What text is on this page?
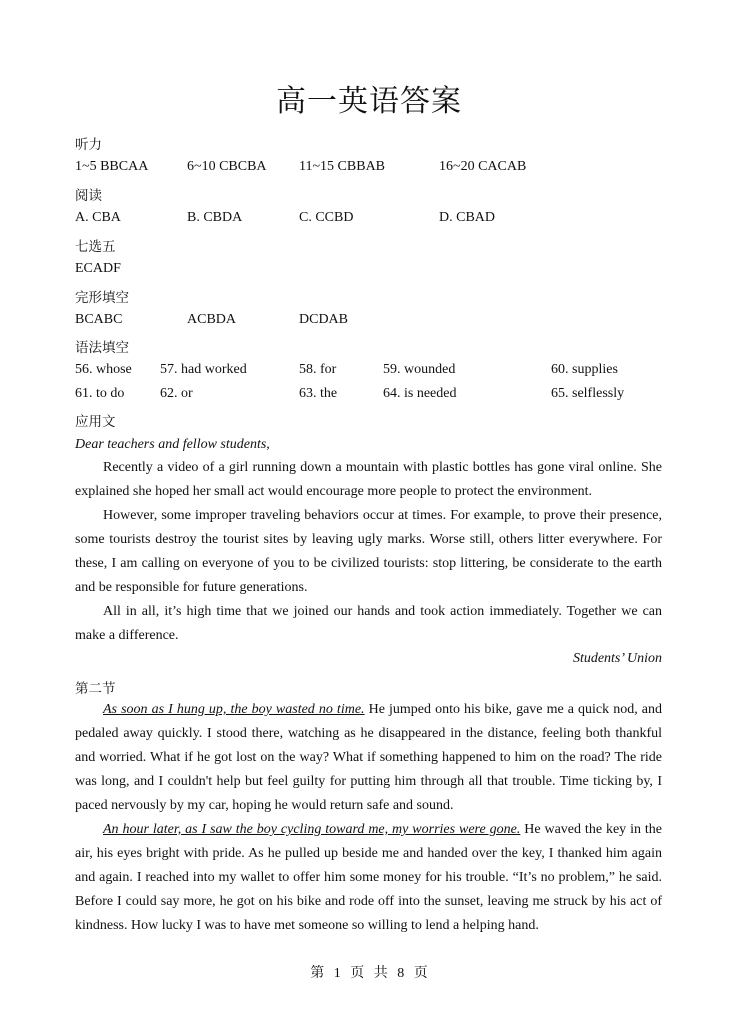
高一英语答案
听力
1~5 BBCAA	6~10 CBCBA 11~15 CBBAB	16~20 CACAB
阅读
A. CBA	B. CBDA	C. CCBD	D. CBAD
七选五
ECADF
完形填空
BCABC	ACBDA	DCDAB
语法填空
56. whose 57. had worked	58. for	59. wounded	60. supplies
61. to do	62. or	63. the	64. is needed	65. selflessly
应用文
Dear teachers and fellow students,
Recently a video of a girl running down a mountain with plastic bottles has gone viral online. She explained she hoped her small act would encourage more people to protect the environment.
However, some improper traveling behaviors occur at times. For example, to prove their presence, some tourists destroy the tourist sites by leaving ugly marks. Worse still, others litter everywhere. For these, I am calling on everyone of you to be civilized tourists: stop littering, be considerate to the earth and be responsible for future generations.
All in all, it’s high time that we joined our hands and took action immediately. Together we can make a difference.
Students’ Union
第二节
As soon as I hung up, the boy wasted no time. He jumped onto his bike, gave me a quick nod, and pedaled away quickly. I stood there, watching as he disappeared in the distance, feeling both thankful and worried. What if he got lost on the way? What if something happened to him on the road? The ride was long, and I couldn't help but feel guilty for putting him through all that trouble. Time ticking by, I paced nervously by my car, hoping he would return safe and sound.
An hour later, as I saw the boy cycling toward me, my worries were gone. He waved the key in the air, his eyes bright with pride. As he pulled up beside me and handed over the key, I thanked him again and again. I reached into my wallet to offer him some money for his trouble. “It’s no problem,” he said. Before I could say more, he got on his bike and rode off into the sunset, leaving me struck by his act of kindness. How lucky I was to have met someone so willing to lend a helping hand.
第 1 页 共 8 页
